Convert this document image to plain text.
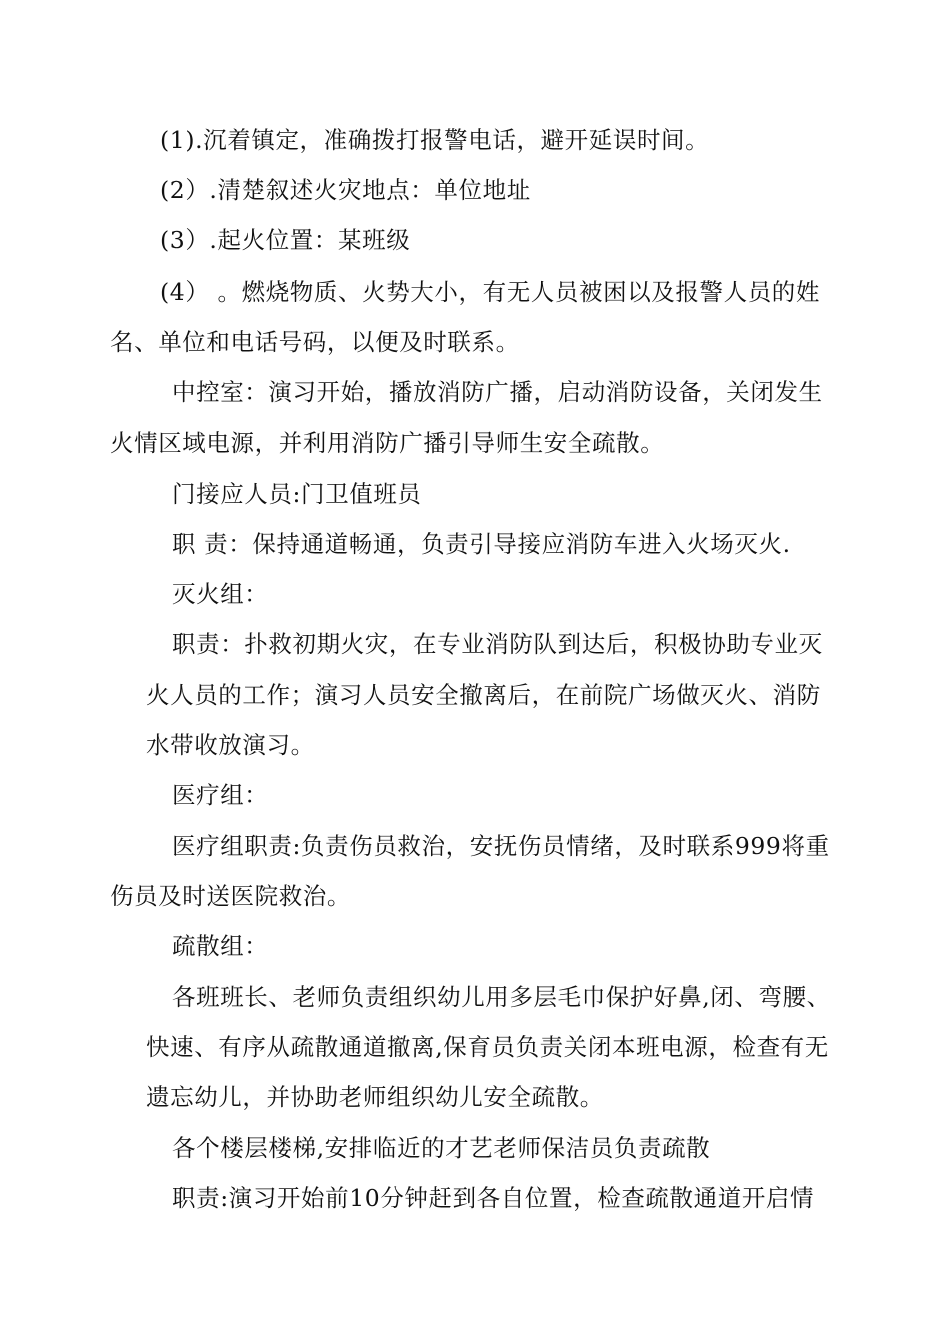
(1).沉着镇定，准确拨打报警电话，避开延误时间。
(2）.清楚叙述火灾地点：单位地址
(3）.起火位置：某班级
(4） 。燃烧物质、火势大小，有无人员被困以及报警人员的姓
名、单位和电话号码，以便及时联系。
中控室：演习开始，播放消防广播，启动消防设备，关闭发生
火情区域电源，并利用消防广播引导师生安全疏散。
门接应人员:门卫值班员
职 责：保持通道畅通，负责引导接应消防车进入火场灭火.
灭火组：
职责：扑救初期火灾，在专业消防队到达后，积极协助专业灭
火人员的工作；演习人员安全撤离后，在前院广场做灭火、消防
水带收放演习。
医疗组：
医疗组职责:负责伤员救治，安抚伤员情绪，及时联系999将重
伤员及时送医院救治。
疏散组：
各班班长、老师负责组织幼儿用多层毛巾保护好鼻,闭、弯腰、
快速、有序从疏散通道撤离,保育员负责关闭本班电源，检查有无
遗忘幼儿，并协助老师组织幼儿安全疏散。
各个楼层楼梯,安排临近的才艺老师保洁员负责疏散
职责:演习开始前10分钟赶到各自位置，检查疏散通道开启情
